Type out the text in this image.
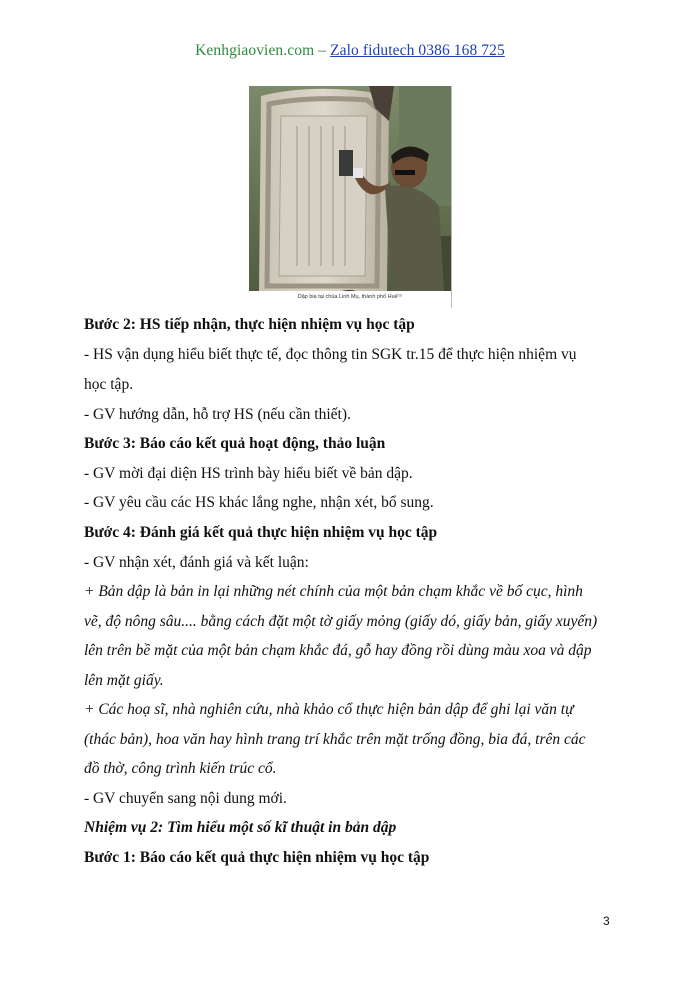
Kenhgiaovien.com – Zalo fidutech 0386 168 725
Dập bia tại chùa Linh Mụ, thành phố Huế⁽¹⁾
Bước 2: HS tiếp nhận, thực hiện nhiệm vụ học tập
- HS vận dụng hiểu biết thực tế, đọc thông tin SGK tr.15 để thực hiện nhiệm vụ
học tập.
- GV hướng dẫn, hỗ trợ HS (nếu cần thiết).
Bước 3: Báo cáo kết quả hoạt động, thảo luận
- GV mời đại diện HS trình bày hiểu biết về bản dập.
- GV yêu cầu các HS khác lắng nghe, nhận xét, bổ sung.
Bước 4: Đánh giá kết quả thực hiện nhiệm vụ học tập
- GV nhận xét, đánh giá và kết luận:
+ Bản dập là bản in lại những nét chính của một bản chạm khắc về bố cục, hình
vẽ, độ nông sâu.... bằng cách đặt một tờ giấy mỏng (giấy dó, giấy bản, giấy xuyến)
lên trên bề mặt của một bản chạm khắc đá, gỗ hay đồng rồi dùng màu xoa và dập
lên mặt giấy.
+ Các hoạ sĩ, nhà nghiên cứu, nhà khảo cổ thực hiện bản dập để ghi lại văn tự
(thác bản), hoa văn hay hình trang trí khắc trên mặt trống đồng, bia đá, trên các
đồ thờ, công trình kiến trúc cổ.
- GV chuyển sang nội dung mới.
Nhiệm vụ 2: Tìm hiểu một số kĩ thuật in bản dập
Bước 1: Báo cáo kết quả thực hiện nhiệm vụ học tập
3
